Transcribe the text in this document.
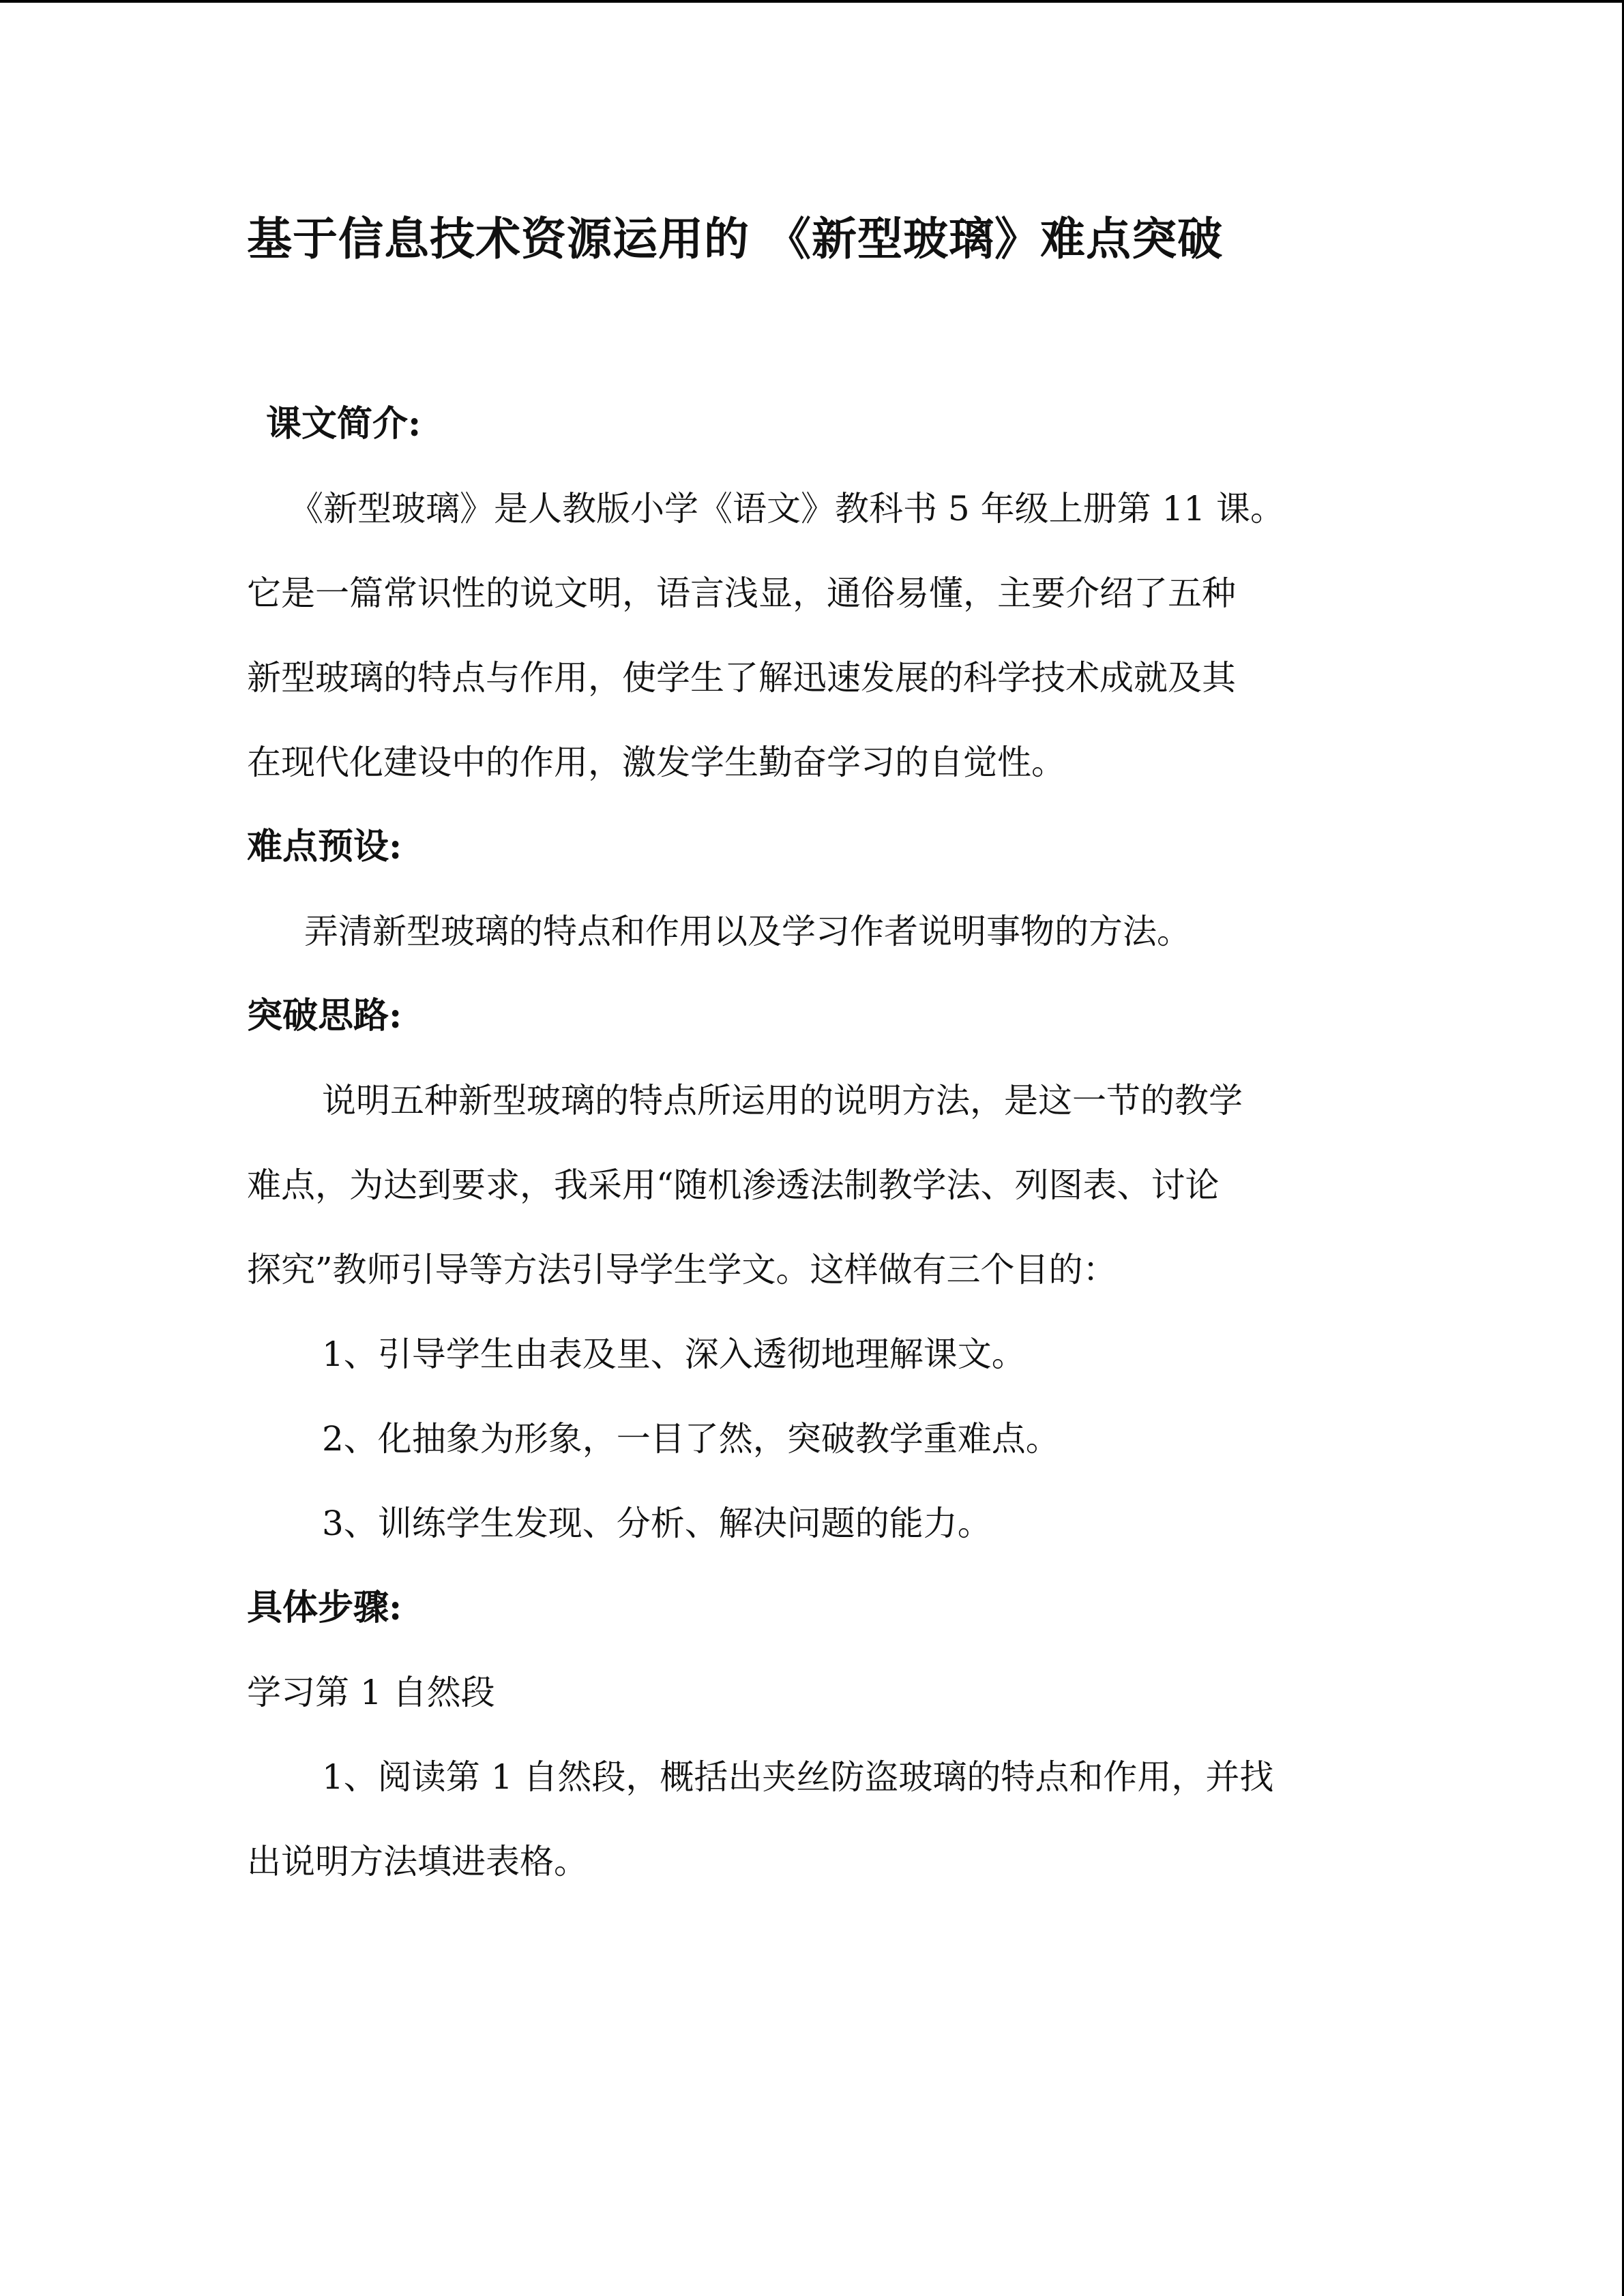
基于信息技术资源运用的 《新型玻璃》难点突破
课文简介:
《新型玻璃》是人教版小学《语文》教科书 5 年级上册第 11 课。
它是一篇常识性的说文明，语言浅显，通俗易懂，主要介绍了五种
新型玻璃的特点与作用，使学生了解迅速发展的科学技术成就及其
在现代化建设中的作用，激发学生勤奋学习的自觉性。
难点预设:
弄清新型玻璃的特点和作用以及学习作者说明事物的方法。
突破思路:
说明五种新型玻璃的特点所运用的说明方法，是这一节的教学
难点，为达到要求，我采用“随机渗透法制教学法、列图表、讨论
探究”教师引导等方法引导学生学文。这样做有三个目的：
1、引导学生由表及里、深入透彻地理解课文。
2、化抽象为形象，一目了然，突破教学重难点。
3、训练学生发现、分析、解决问题的能力。
具体步骤:
学习第 1 自然段
1、阅读第 1 自然段，概括出夹丝防盗玻璃的特点和作用，并找
出说明方法填进表格。
